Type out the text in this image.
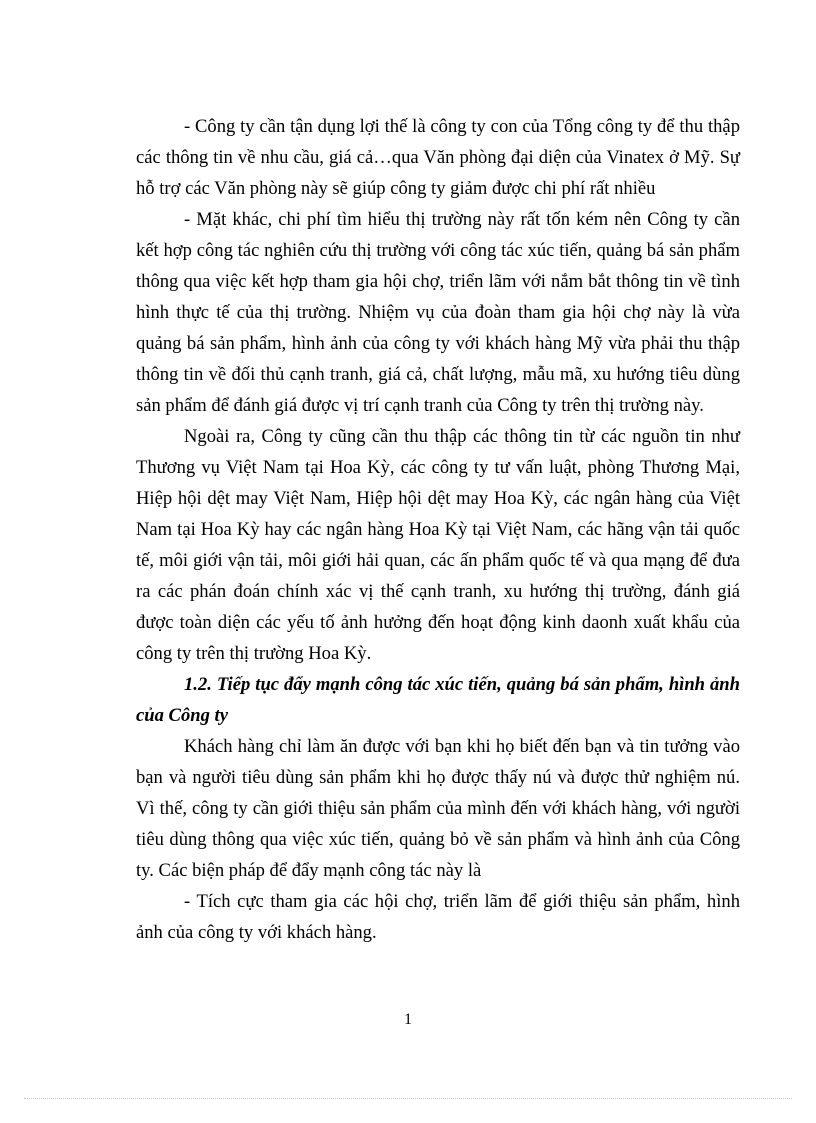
- Công ty cần tận dụng lợi thế là công ty con của Tổng công ty để thu thập các thông tin về nhu cầu, giá cả…qua Văn phòng đại diện của Vinatex ở Mỹ. Sự hỗ trợ các Văn phòng này sẽ giúp công ty giảm được chi phí rất nhiều

- Mặt khác, chi phí tìm hiểu thị trường này rất tốn kém nên Công ty cần kết hợp công tác nghiên cứu thị trường với công tác xúc tiến, quảng bá sản phẩm thông qua việc kết hợp tham gia hội chợ, triển lãm với nắm bắt thông tin về tình hình thực tế của thị trường. Nhiệm vụ của đoàn tham gia hội chợ này là vừa quảng bá sản phẩm, hình ảnh của công ty với khách hàng Mỹ vừa phải thu thập thông tin về đối thủ cạnh tranh, giá cả, chất lượng, mẫu mã, xu hướng tiêu dùng sản phẩm để đánh giá được vị trí cạnh tranh của Công ty trên thị trường này.

Ngoài ra, Công ty cũng cần thu thập các thông tin từ các nguồn tin như Thương vụ Việt Nam tại Hoa Kỳ, các công ty tư vấn luật, phòng Thương Mại, Hiệp hội dệt may Việt Nam, Hiệp hội dệt may Hoa Kỳ, các ngân hàng của Việt Nam tại Hoa Kỳ hay các ngân hàng Hoa Kỳ tại Việt Nam, các hãng vận tải quốc tế, môi giới vận tải, môi giới hải quan, các ấn phẩm quốc tế và qua mạng để đưa ra các phán đoán chính xác vị thế cạnh tranh, xu hướng thị trường, đánh giá được toàn diện các yếu tố ảnh hưởng đến hoạt động kinh daonh xuất khẩu của công ty trên thị trường Hoa Kỳ.

1.2. Tiếp tục đẩy mạnh công tác xúc tiến, quảng bá sản phẩm, hình ảnh của Công ty

Khách hàng chỉ làm ăn được với bạn khi họ biết đến bạn và tin tưởng vào bạn và người tiêu dùng sản phẩm khi họ được thấy nú và được thử nghiệm nú. Vì thế, công ty cần giới thiệu sản phẩm của mình đến với khách hàng, với người tiêu dùng thông qua việc xúc tiến, quảng bỏ về sản phẩm và hình ảnh của Công ty. Các biện pháp để đẩy mạnh công tác này là

- Tích cực tham gia các hội chợ, triển lãm để giới thiệu sản phẩm, hình ảnh của công ty với khách hàng.

1
